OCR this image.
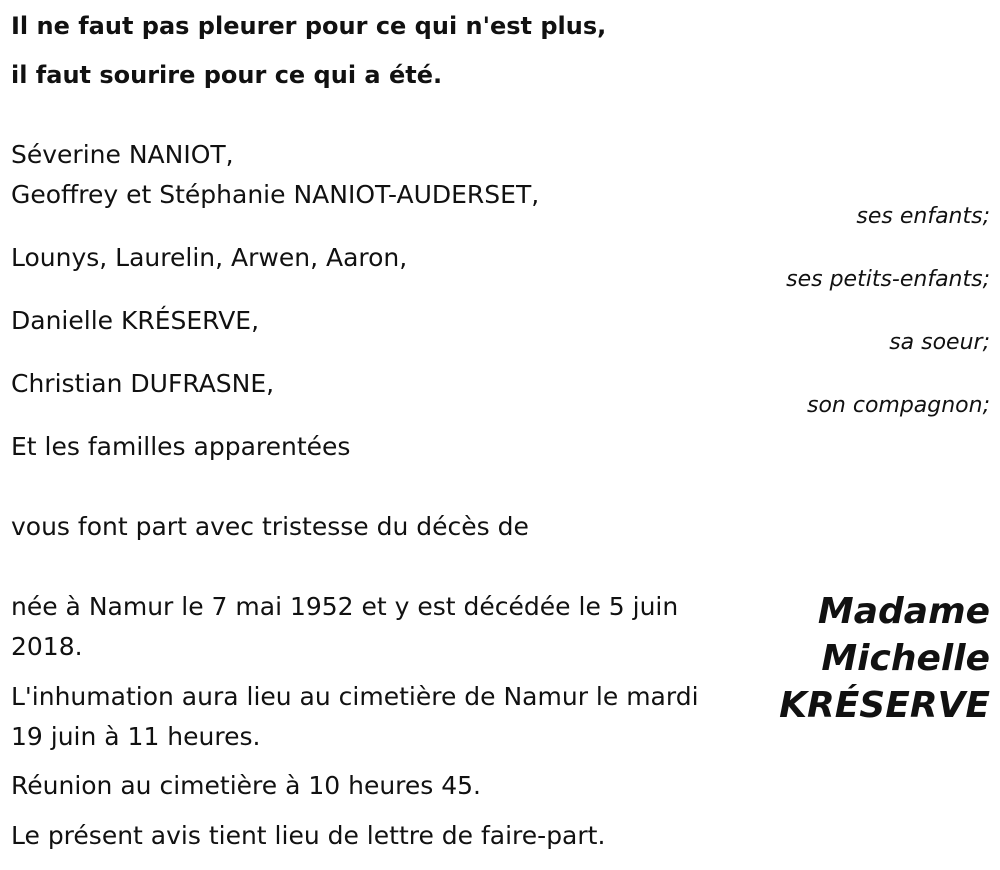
Il ne faut pas pleurer pour ce qui n'est plus,
il faut sourire pour ce qui a été.
Séverine NANIOT,
Geoffrey et Stéphanie NANIOT-AUDERSET,
ses enfants;
Lounys, Laurelin, Arwen, Aaron,
ses petits-enfants;
Danielle KRÉSERVE,
sa soeur;
Christian DUFRASNE,
son compagnon;
Et les familles apparentées
vous font part avec tristesse du décès de
Madame
Michelle
KRÉSERVE
née à Namur le 7 mai 1952 et y est décédée le 5 juin 2018.
L'inhumation aura lieu au cimetière de Namur le mardi 19 juin à 11 heures.
Réunion au cimetière à 10 heures 45.
Le présent avis tient lieu de lettre de faire-part.
